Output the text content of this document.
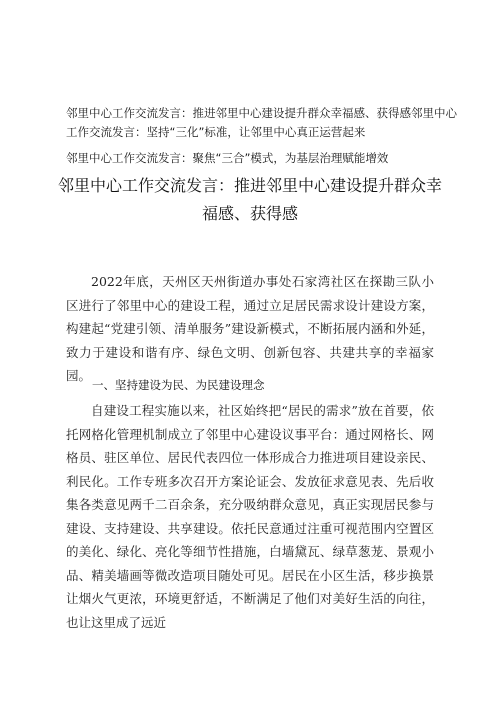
邻里中心工作交流发言：推进邻里中心建设提升群众幸福感、获得感邻里中心工作交流发言：坚持“三化”标准，让邻里中心真正运营起来
邻里中心工作交流发言：聚焦“三合”模式，为基层治理赋能增效
邻里中心工作交流发言：推进邻里中心建设提升群众幸
福感、获得感
2022年底，天州区天州街道办事处石家湾社区在探勘三队小区进行了邻里中心的建设工程，通过立足居民需求设计建设方案，构建起“党建引领、清单服务”建设新模式，不断拓展内涵和外延，致力于建设和谐有序、绿色文明、创新包容、共建共享的幸福家园。
一、坚持建设为民、为民建设理念
自建设工程实施以来，社区始终把“居民的需求”放在首要，依托网格化管理机制成立了邻里中心建设议事平台：通过网格长、网格员、驻区单位、居民代表四位一体形成合力推进项目建设亲民、利民化。工作专班多次召开方案论证会、发放征求意见表、先后收集各类意见两千二百余条，充分吸纳群众意见，真正实现居民参与建设、支持建设、共享建设。依托民意通过注重可视范围内空置区的美化、绿化、亮化等细节性措施，白墙黛瓦、绿草葱茏、景观小品、精美墙画等微改造项目随处可见。居民在小区生活，移步换景让烟火气更浓，环境更舒适，不断满足了他们对美好生活的向往，也让这里成了远近
